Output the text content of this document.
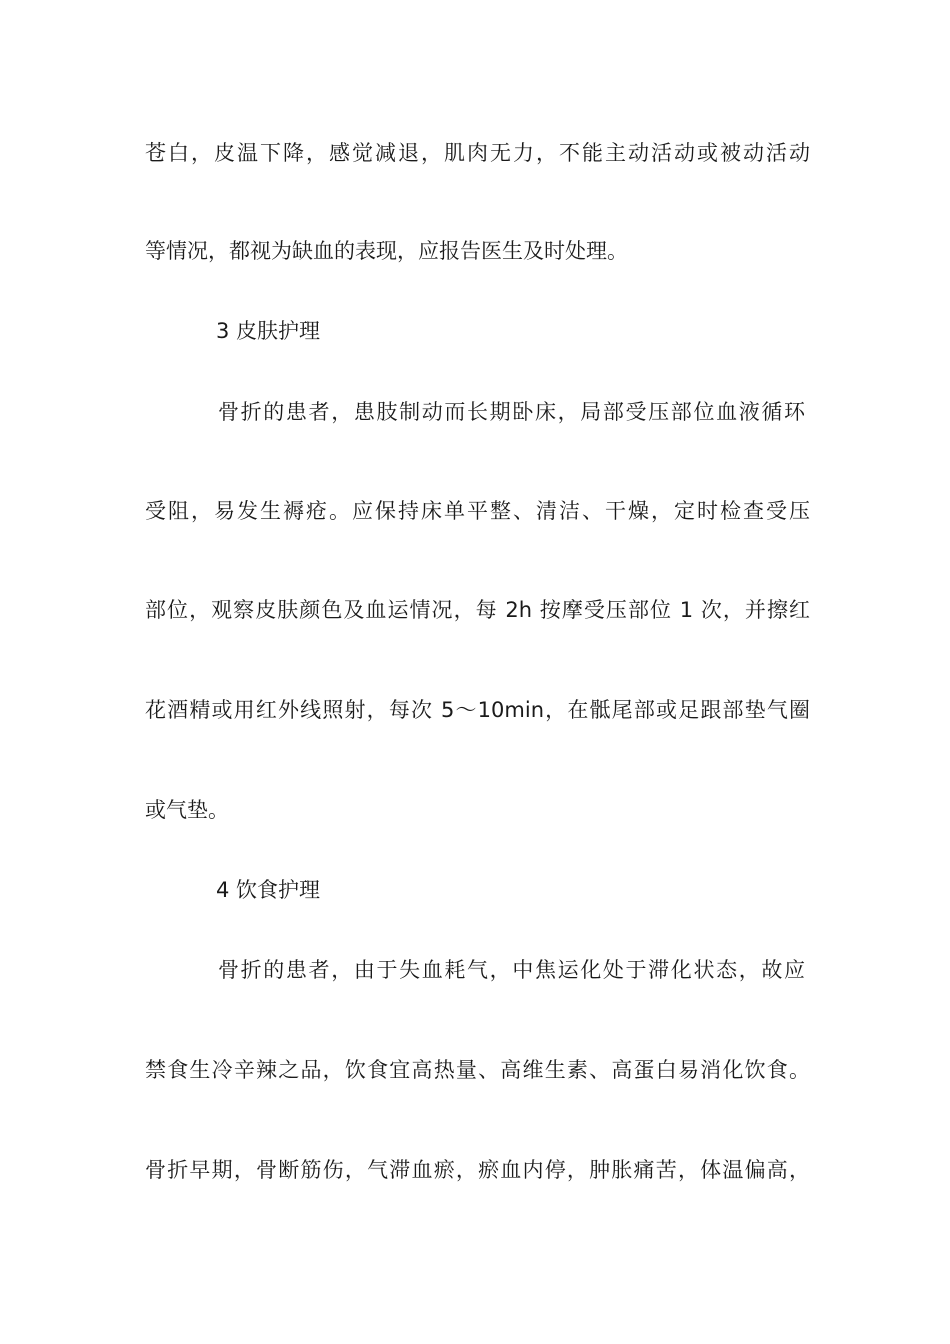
苍白，皮温下降，感觉减退，肌肉无力，不能主动活动或被动活动
等情况，都视为缺血的表现，应报告医生及时处理。
3 皮肤护理
骨折的患者，患肢制动而长期卧床，局部受压部位血液循环
受阻，易发生褥疮。应保持床单平整、清洁、干燥，定时检查受压
部位，观察皮肤颜色及血运情况，每 2h 按摩受压部位 1 次，并擦红
花酒精或用红外线照射，每次 5～10min，在骶尾部或足跟部垫气圈
或气垫。
4 饮食护理
骨折的患者，由于失血耗气，中焦运化处于滞化状态，故应
禁食生冷辛辣之品，饮食宜高热量、高维生素、高蛋白易消化饮食。
骨折早期，骨断筋伤，气滞血瘀，瘀血内停，肿胀痛苦，体温偏高，
